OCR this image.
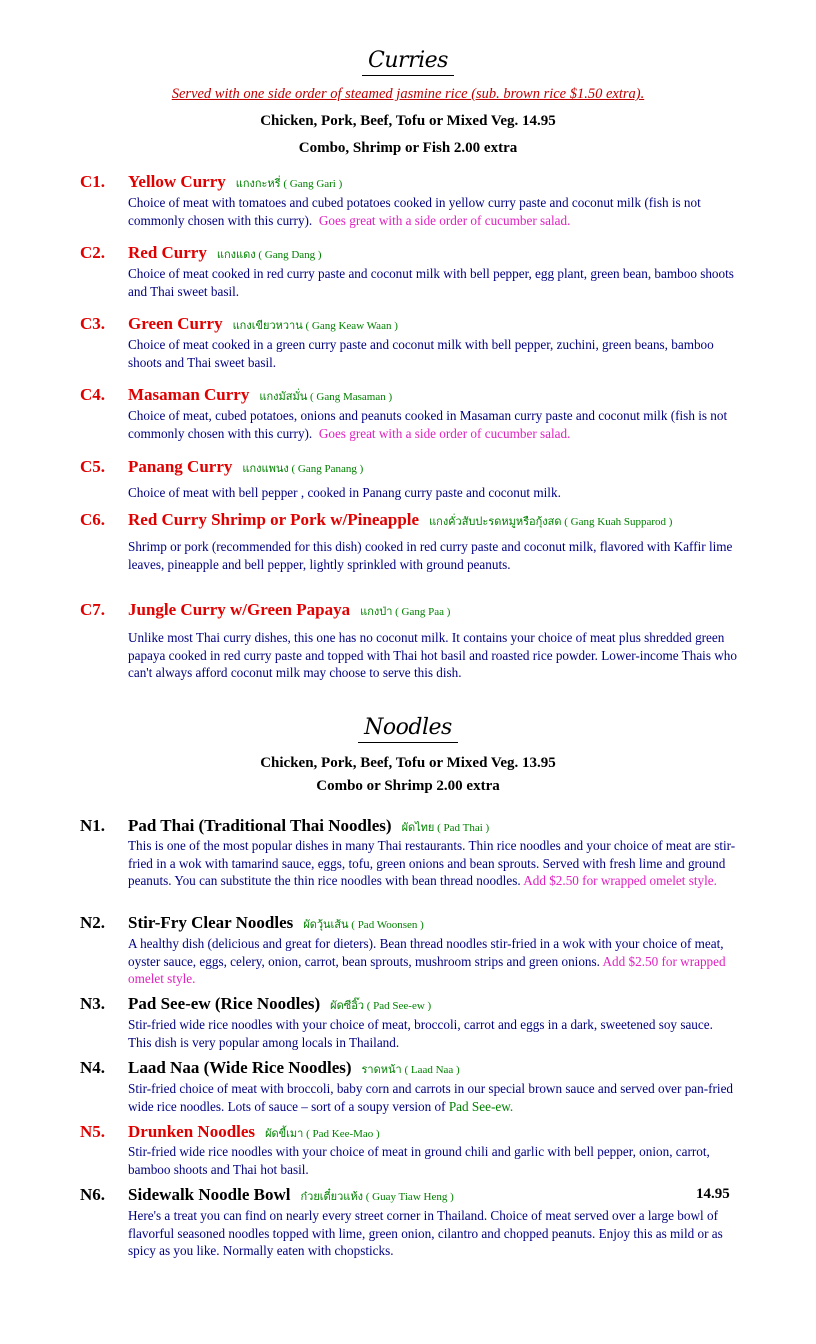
Curries
Served with one side order of steamed jasmine rice (sub. brown rice $1.50 extra).
Chicken, Pork, Beef, Tofu or Mixed Veg. 14.95
Combo, Shrimp or Fish 2.00 extra
C1. Yellow Curry แกงกะหรี่ ( Gang Gari )
Choice of meat with tomatoes and cubed potatoes cooked in yellow curry paste and coconut milk (fish is not commonly chosen with this curry). Goes great with a side order of cucumber salad.
C2. Red Curry แกงแดง ( Gang Dang )
Choice of meat cooked in red curry paste and coconut milk with bell pepper, egg plant, green bean, bamboo shoots and Thai sweet basil.
C3. Green Curry แกงเขียวหวาน ( Gang Keaw Waan )
Choice of meat cooked in a green curry paste and coconut milk with bell pepper, zuchini, green beans, bamboo shoots and Thai sweet basil.
C4. Masaman Curry แกงมัสมั่น ( Gang Masaman )
Choice of meat, cubed potatoes, onions and peanuts cooked in Masaman curry paste and coconut milk (fish is not commonly chosen with this curry). Goes great with a side order of cucumber salad.
C5. Panang Curry แกงแพนง ( Gang Panang )
Choice of meat with bell pepper , cooked in Panang curry paste and coconut milk.
C6. Red Curry Shrimp or Pork w/Pineapple แกงคั่วสับปะรดหมูหรือกุ้งสด ( Gang Kuah Supparod )
Shrimp or pork (recommended for this dish) cooked in red curry paste and coconut milk, flavored with Kaffir lime leaves, pineapple and bell pepper, lightly sprinkled with ground peanuts.
C7. Jungle Curry w/Green Papaya แกงป่า ( Gang Paa )
Unlike most Thai curry dishes, this one has no coconut milk. It contains your choice of meat plus shredded green papaya cooked in red curry paste and topped with Thai hot basil and roasted rice powder. Lower-income Thais who can't always afford coconut milk may choose to serve this dish.
Noodles
Chicken, Pork, Beef, Tofu or Mixed Veg. 13.95
Combo or Shrimp 2.00 extra
N1. Pad Thai (Traditional Thai Noodles) ผัดไทย ( Pad Thai )
This is one of the most popular dishes in many Thai restaurants. Thin rice noodles and your choice of meat are stir-fried in a wok with tamarind sauce, eggs, tofu, green onions and bean sprouts. Served with fresh lime and ground peanuts. You can substitute the thin rice noodles with bean thread noodles. Add $2.50 for wrapped omelet style.
N2. Stir-Fry Clear Noodles ผัดวุ้นเส้น ( Pad Woonsen )
A healthy dish (delicious and great for dieters). Bean thread noodles stir-fried in a wok with your choice of meat, oyster sauce, eggs, celery, onion, carrot, bean sprouts, mushroom strips and green onions. Add $2.50 for wrapped omelet style.
N3. Pad See-ew (Rice Noodles) ผัดซีอิ๊ว ( Pad See-ew )
Stir-fried wide rice noodles with your choice of meat, broccoli, carrot and eggs in a dark, sweetened soy sauce. This dish is very popular among locals in Thailand.
N4. Laad Naa (Wide Rice Noodles) ราดหน้า ( Laad Naa )
Stir-fried choice of meat with broccoli, baby corn and carrots in our special brown sauce and served over pan-fried wide rice noodles. Lots of sauce – sort of a soupy version of Pad See-ew.
N5. Drunken Noodles ผัดขี้เมา ( Pad Kee-Mao )
Stir-fried wide rice noodles with your choice of meat in ground chili and garlic with bell pepper, onion, carrot, bamboo shoots and Thai hot basil.
N6. Sidewalk Noodle Bowl ก๋วยเตี๋ยวแห้ง ( Guay Tiaw Heng )	14.95
Here's a treat you can find on nearly every street corner in Thailand. Choice of meat served over a large bowl of flavorful seasoned noodles topped with lime, green onion, cilantro and chopped peanuts. Enjoy this as mild or as spicy as you like. Normally eaten with chopsticks.
